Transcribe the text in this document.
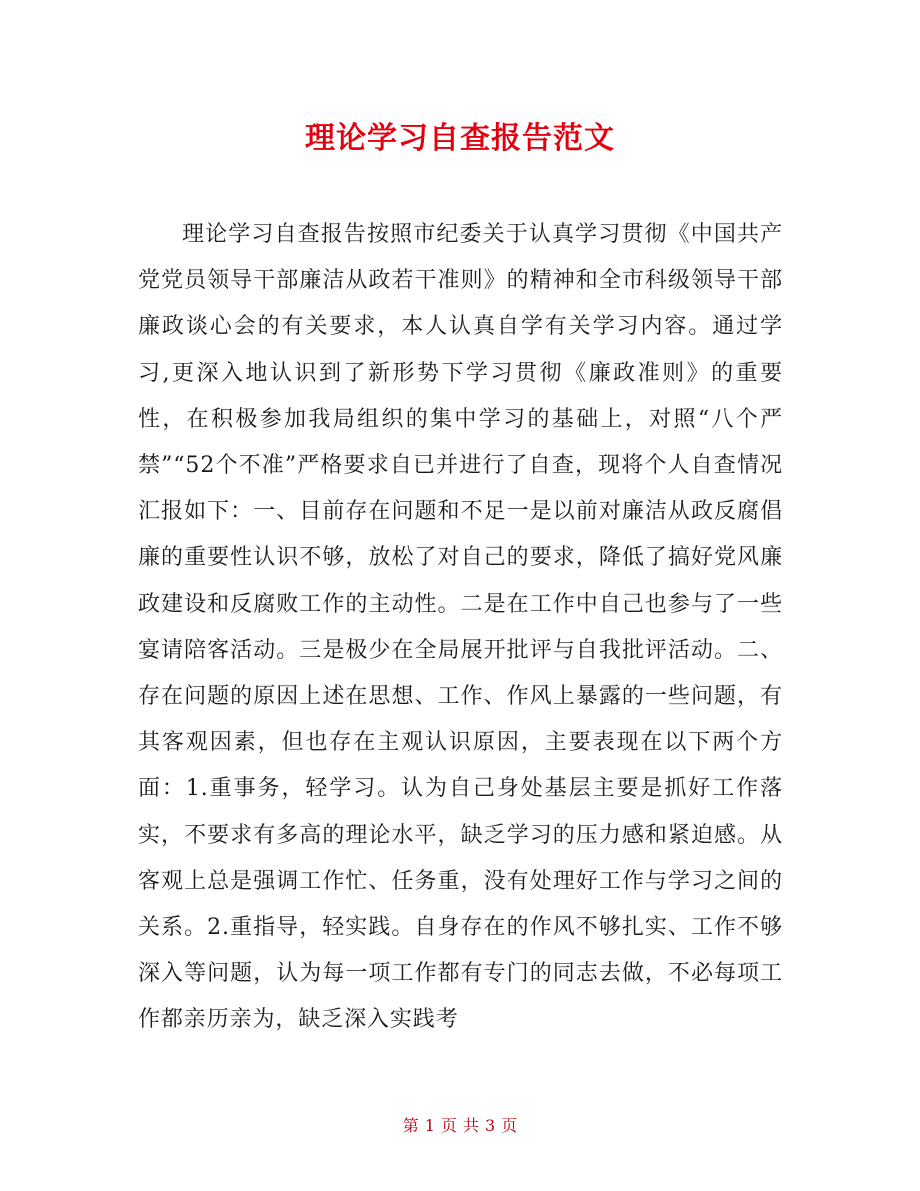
理论学习自查报告范文

理论学习自查报告按照市纪委关于认真学习贯彻《中国共产党党员领导干部廉洁从政若干准则》的精神和全市科级领导干部廉政谈心会的有关要求，本人认真自学有关学习内容。通过学习,更深入地认识到了新形势下学习贯彻《廉政准则》的重要性，在积极参加我局组织的集中学习的基础上，对照“八个严禁”“52个不准”严格要求自已并进行了自查，现将个人自查情况汇报如下：一、目前存在问题和不足一是以前对廉洁从政反腐倡廉的重要性认识不够，放松了对自己的要求，降低了搞好党风廉政建设和反腐败工作的主动性。二是在工作中自己也参与了一些宴请陪客活动。三是极少在全局展开批评与自我批评活动。二、存在问题的原因上述在思想、工作、作风上暴露的一些问题，有其客观因素，但也存在主观认识原因，主要表现在以下两个方面：1.重事务，轻学习。认为自己身处基层主要是抓好工作落实，不要求有多高的理论水平，缺乏学习的压力感和紧迫感。从客观上总是强调工作忙、任务重，没有处理好工作与学习之间的关系。2.重指导，轻实践。自身存在的作风不够扎实、工作不够深入等问题，认为每一项工作都有专门的同志去做，不必每项工作都亲历亲为，缺乏深入实践考

第 1 页 共 3 页
